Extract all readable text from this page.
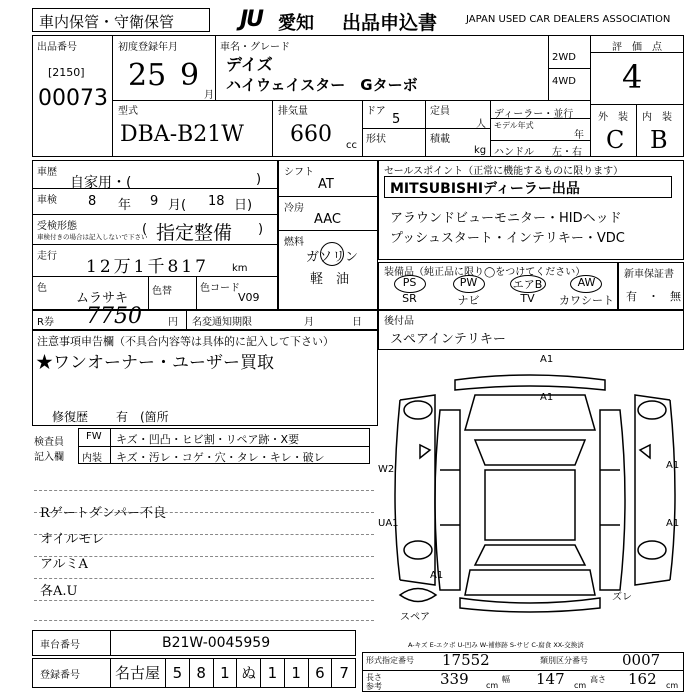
車内保管・守衛保管	JU 愛知 出品申込書	JAPAN USED CAR DEALERS ASSOCIATION
出品番号
[2150]
00073
初度登録年月
25 9
月
車名・グレード
デイズ
ハイウェイスター　Gターボ
2WD
4WD
評　価　点
4
外　装 内　装
C B
型式
DBA-B21W
排気量
660 cc
ドア
5
形状
定員
人
積載
kg
ディーラー・並行
モデル年式
年
ハンドル 左・右
車歴
自家用・(	)
車検 8 年 9 月( 18 日)
受検形態
車検付きの場合は記入しないで下さい
( 指定整備 )
走行
12万1千817 km
色
ムラサキ 色替	色コード
V09
シフト
AT
冷房
AAC
燃料
ガソリン
軽　油
セールスポイント（正常に機能するものに限ります）
MITSUBISHIディーラー出品
アラウンドビューモニター・HIDヘッド
プッシュスタート・インテリキー・VDC
装備品（純正品に限り◯をつけてください）
PS	PW	エアB	AW
SR	ナビ	TV	カワシート
新車保証書
有　・　無
R券 7750	円 名変通知期限	月	日 後付品
スペアインテリキー
注意事項申告欄（不具合内容等は具体的に記入して下さい）
★ワンオーナー・ユーザー買取
修復歴 有 (箇所
検査員
記入欄
FW キズ・凹凸・ヒビ割・リペア跡・X要
内装 キズ・汚レ・コゲ・穴・タレ・キレ・破レ
Rゲートダンパー不良
オイルモレ
アルミA
各A.U
A1
A1
W2	A1
UA1	A1
A1
スペア
ズレ
A-キズ E-エクボ U-凹み W-補修跡 S-サビ C-腐食 XX-交換済
車台番号	B21W-0045959
登録番号	名古屋 5 8 1 ぬ 1 1 6 7
形式指定番号 17552	類別区分番号 0007
長さ
参考	339 cm
幅 147 cm
高さ 162 cm
